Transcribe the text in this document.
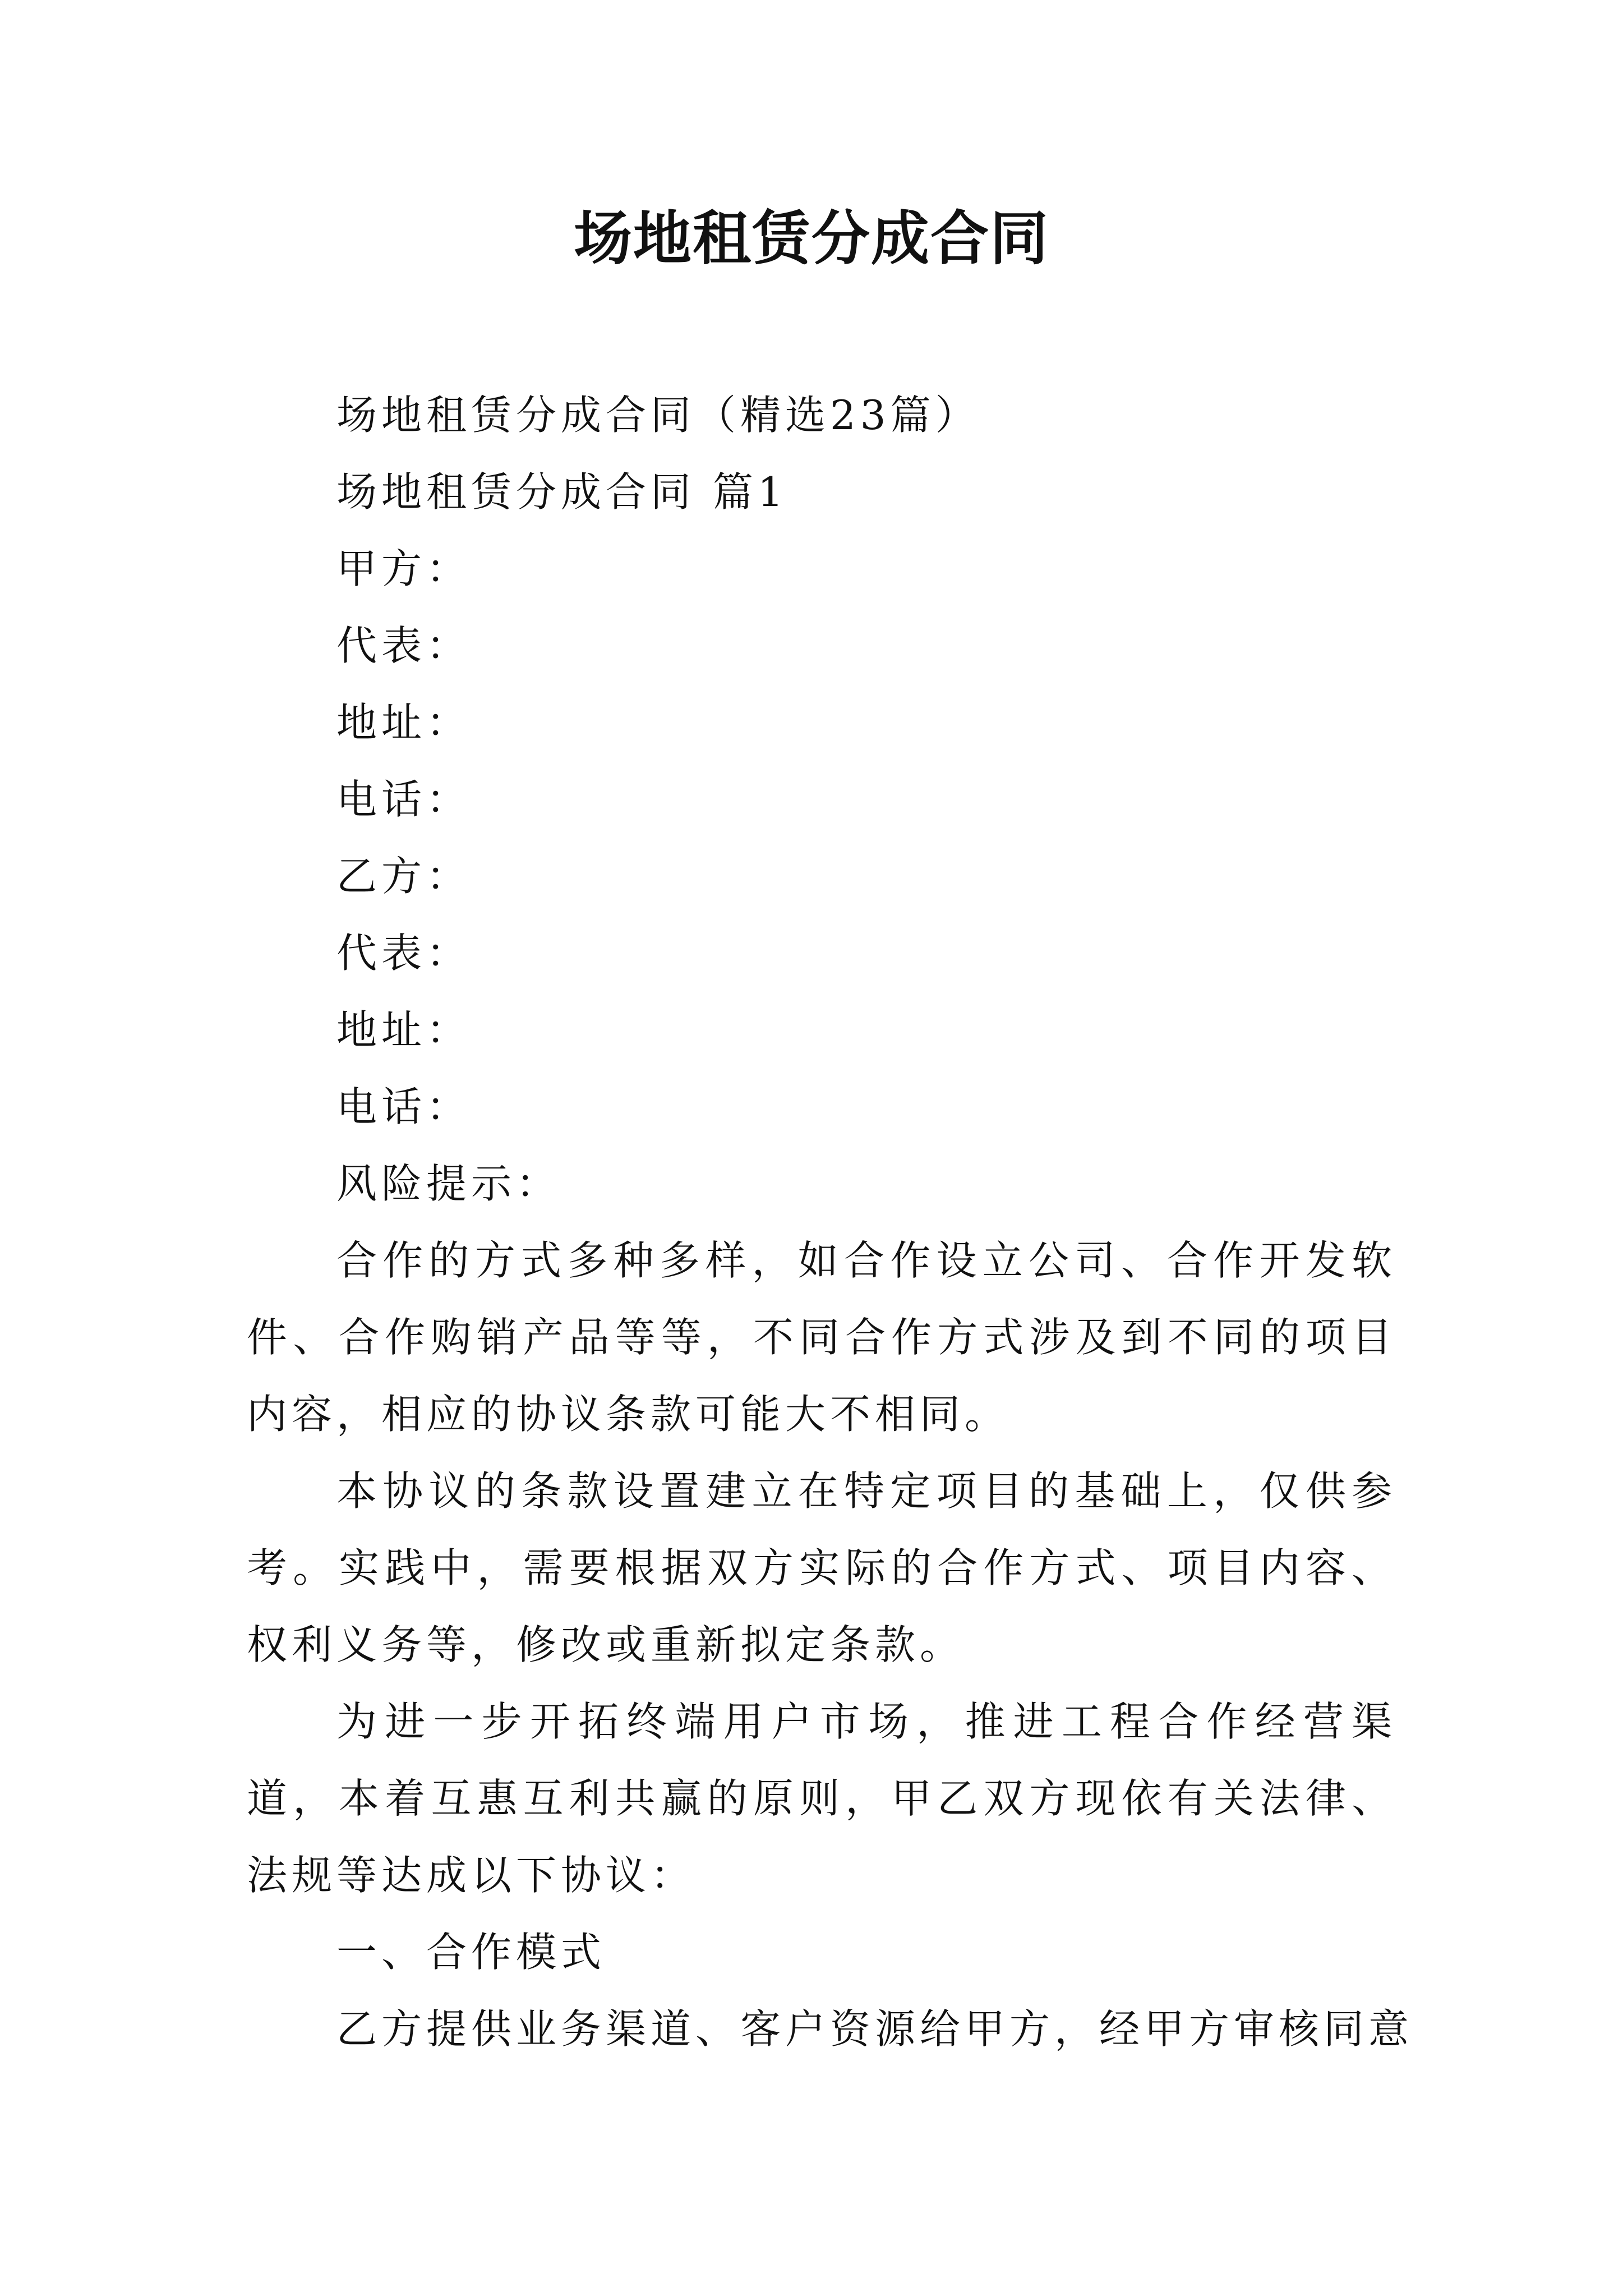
场地租赁分成合同

场地租赁分成合同（精选23篇）

场地租赁分成合同 篇1

甲方：

代表：

地址：

电话：

乙方：

代表：

地址：

电话：

风险提示：

合作的方式多种多样，如合作设立公司、合作开发软件、合作购销产品等等，不同合作方式涉及到不同的项目内容，相应的协议条款可能大不相同。

本协议的条款设置建立在特定项目的基础上，仅供参考。实践中，需要根据双方实际的合作方式、项目内容、权利义务等，修改或重新拟定条款。

为进一步开拓终端用户市场，推进工程合作经营渠道，本着互惠互利共赢的原则，甲乙双方现依有关法律、法规等达成以下协议：

一、合作模式

乙方提供业务渠道、客户资源给甲方，经甲方审核同意
